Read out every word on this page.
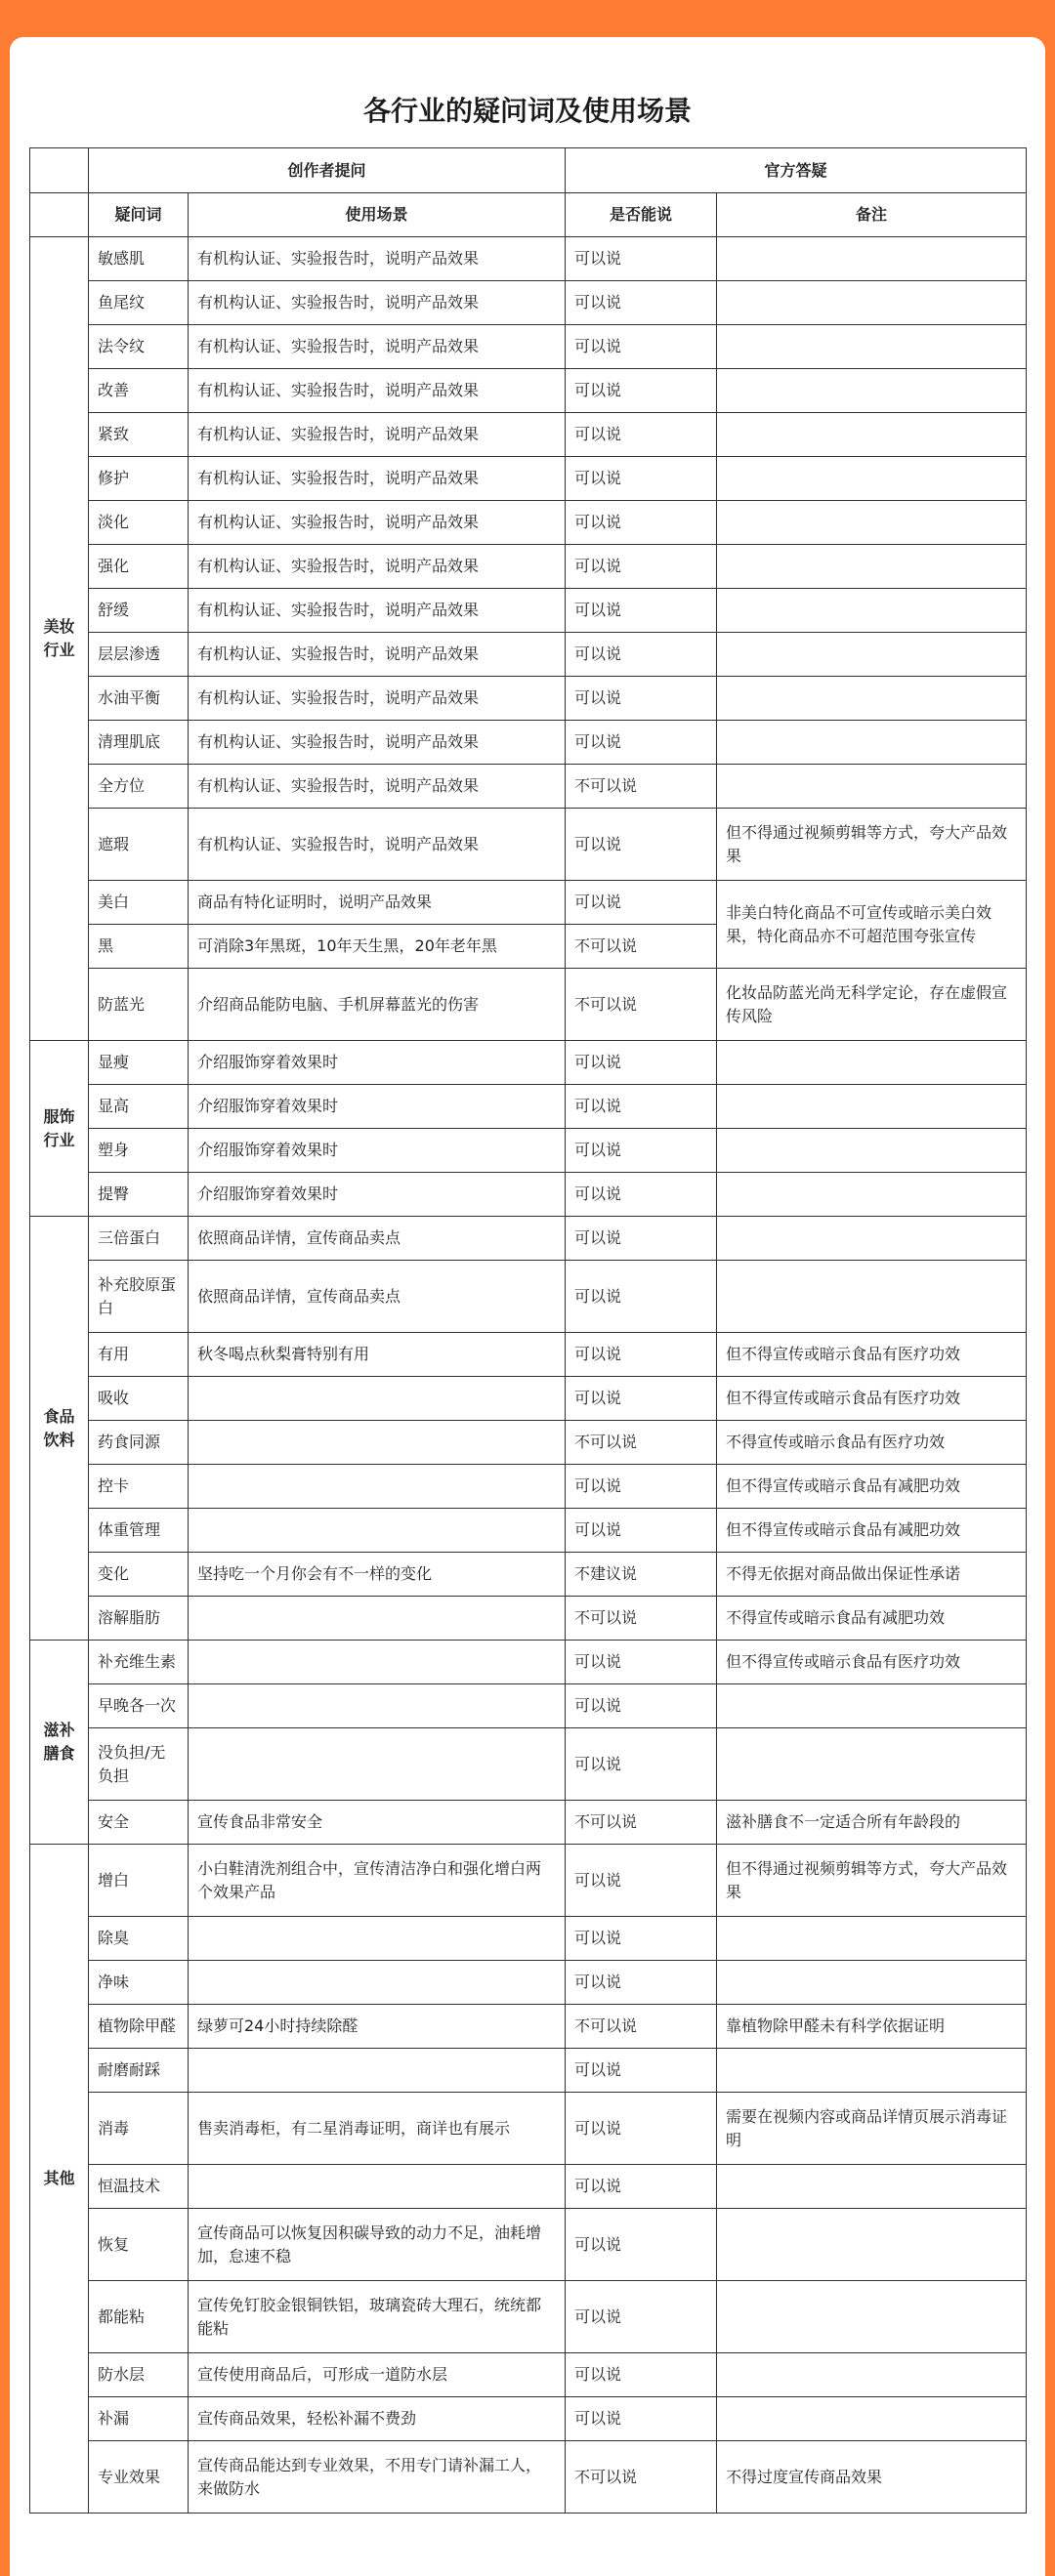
各行业的疑问词及使用场景
	创作者提问		官方答疑	
	疑问词	使用场景	是否能说	备注
美妆行业	敏感肌	有机构认证、实验报告时，说明产品效果	可以说	
	鱼尾纹	有机构认证、实验报告时，说明产品效果	可以说	
	法令纹	有机构认证、实验报告时，说明产品效果	可以说	
	改善	有机构认证、实验报告时，说明产品效果	可以说	
	紧致	有机构认证、实验报告时，说明产品效果	可以说	
	修护	有机构认证、实验报告时，说明产品效果	可以说	
	淡化	有机构认证、实验报告时，说明产品效果	可以说	
	强化	有机构认证、实验报告时，说明产品效果	可以说	
	舒缓	有机构认证、实验报告时，说明产品效果	可以说	
	层层渗透	有机构认证、实验报告时，说明产品效果	可以说	
	水油平衡	有机构认证、实验报告时，说明产品效果	可以说	
	清理肌底	有机构认证、实验报告时，说明产品效果	可以说	
	全方位	有机构认证、实验报告时，说明产品效果	不可以说	
	遮瑕	有机构认证、实验报告时，说明产品效果	可以说	但不得通过视频剪辑等方式，夸大产品效果
	美白	商品有特化证明时，说明产品效果	可以说	非美白特化商品不可宣传或暗示美白效果，特化商品亦不可超范围夸张宣传
	黑	可消除3年黑斑，10年天生黑，20年老年黑	不可以说	
	防蓝光	介绍商品能防电脑、手机屏幕蓝光的伤害	不可以说	化妆品防蓝光尚无科学定论，存在虚假宣传风险
服饰行业	显瘦	介绍服饰穿着效果时	可以说	
	显高	介绍服饰穿着效果时	可以说	
	塑身	介绍服饰穿着效果时	可以说	
	提臀	介绍服饰穿着效果时	可以说	
食品饮料	三倍蛋白	依照商品详情，宣传商品卖点	可以说	
	补充胶原蛋白	依照商品详情，宣传商品卖点	可以说	
	有用	秋冬喝点秋梨膏特别有用	可以说	但不得宣传或暗示食品有医疗功效
	吸收		可以说	但不得宣传或暗示食品有医疗功效
	药食同源		不可以说	不得宣传或暗示食品有医疗功效
	控卡		可以说	但不得宣传或暗示食品有减肥功效
	体重管理		可以说	但不得宣传或暗示食品有减肥功效
	变化	坚持吃一个月你会有不一样的变化	不建议说	不得无依据对商品做出保证性承诺
	溶解脂肪		不可以说	不得宣传或暗示食品有减肥功效
滋补膳食	补充维生素		可以说	但不得宣传或暗示食品有医疗功效
	早晚各一次		可以说	
	没负担/无负担		可以说	
	安全	宣传食品非常安全	不可以说	滋补膳食不一定适合所有年龄段的
其他	增白	小白鞋清洗剂组合中，宣传清洁净白和强化增白两个效果产品	可以说	但不得通过视频剪辑等方式，夸大产品效果
	除臭		可以说	
	净味		可以说	
	植物除甲醛	绿萝可24小时持续除醛	不可以说	靠植物除甲醛未有科学依据证明
	耐磨耐踩		可以说	
	消毒	售卖消毒柜，有二星消毒证明，商详也有展示	可以说	需要在视频内容或商品详情页展示消毒证明
	恒温技术		可以说	
	恢复	宣传商品可以恢复因积碳导致的动力不足，油耗增加，怠速不稳	可以说	
	都能粘	宣传免钉胶金银铜铁铝，玻璃瓷砖大理石，统统都能粘	可以说	
	防水层	宣传使用商品后，可形成一道防水层	可以说	
	补漏	宣传商品效果，轻松补漏不费劲	可以说	
	专业效果	宣传商品能达到专业效果，不用专门请补漏工人，来做防水	不可以说	不得过度宣传商品效果
